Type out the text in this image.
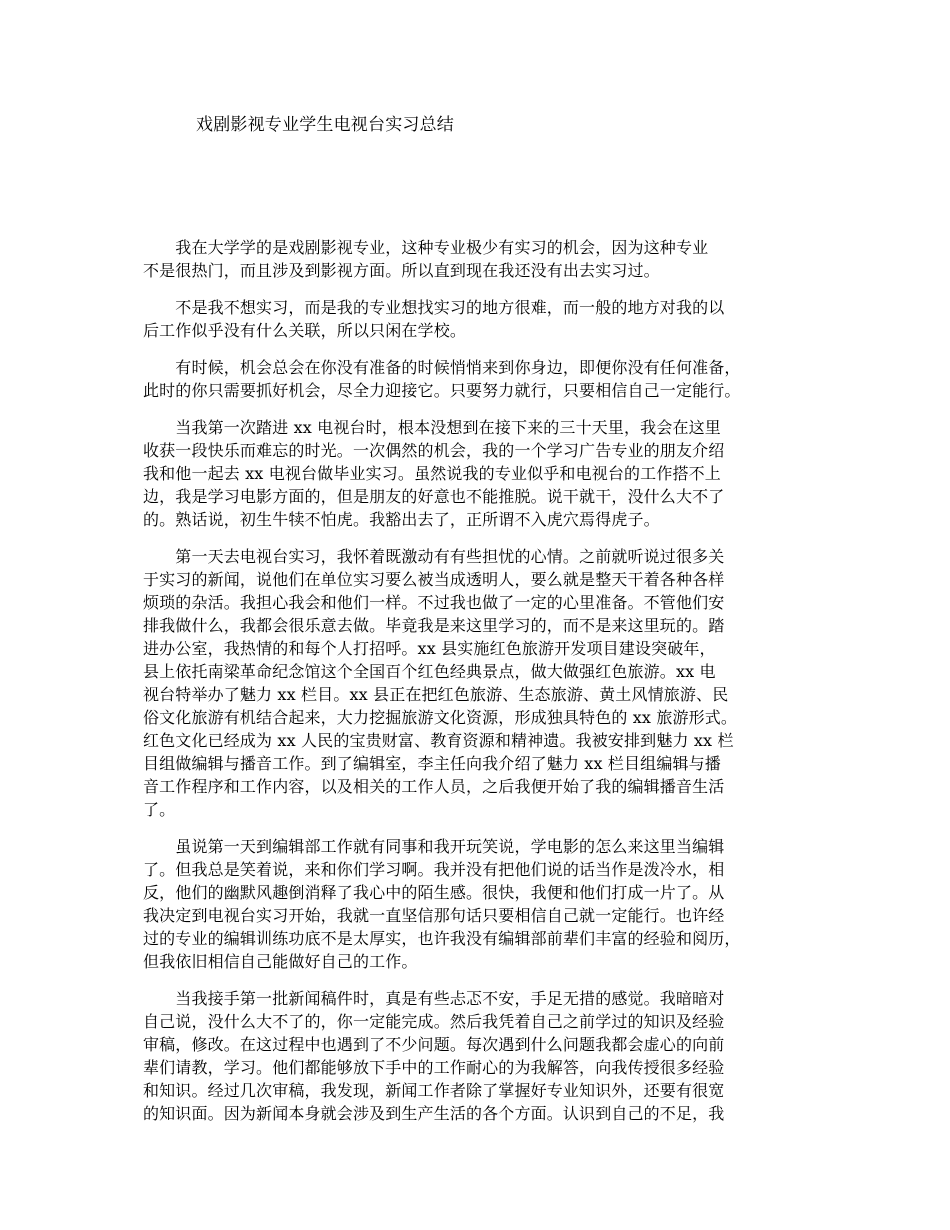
戏剧影视专业学生电视台实习总结
　　我在大学学的是戏剧影视专业，这种专业极少有实习的机会，因为这种专业
不是很热门，而且涉及到影视方面。所以直到现在我还没有出去实习过。
　　不是我不想实习，而是我的专业想找实习的地方很难，而一般的地方对我的以
后工作似乎没有什么关联，所以只闲在学校。
　　有时候，机会总会在你没有准备的时候悄悄来到你身边，即便你没有任何准备，
此时的你只需要抓好机会，尽全力迎接它。只要努力就行，只要相信自己一定能行。
　　当我第一次踏进 xx 电视台时，根本没想到在接下来的三十天里，我会在这里
收获一段快乐而难忘的时光。一次偶然的机会，我的一个学习广告专业的朋友介绍
我和他一起去 xx 电视台做毕业实习。虽然说我的专业似乎和电视台的工作搭不上
边，我是学习电影方面的，但是朋友的好意也不能推脱。说干就干，没什么大不了
的。熟话说，初生牛犊不怕虎。我豁出去了，正所谓不入虎穴焉得虎子。
　　第一天去电视台实习，我怀着既激动有有些担忧的心情。之前就听说过很多关
于实习的新闻，说他们在单位实习要么被当成透明人，要么就是整天干着各种各样
烦琐的杂活。我担心我会和他们一样。不过我也做了一定的心里准备。不管他们安
排我做什么，我都会很乐意去做。毕竟我是来这里学习的，而不是来这里玩的。踏
进办公室，我热情的和每个人打招呼。xx 县实施红色旅游开发项目建设突破年，
县上依托南梁革命纪念馆这个全国百个红色经典景点，做大做强红色旅游。xx 电
视台特举办了魅力 xx 栏目。xx 县正在把红色旅游、生态旅游、黄土风情旅游、民
俗文化旅游有机结合起来，大力挖掘旅游文化资源，形成独具特色的 xx 旅游形式。
红色文化已经成为 xx 人民的宝贵财富、教育资源和精神遗。我被安排到魅力 xx 栏
目组做编辑与播音工作。到了编辑室，李主任向我介绍了魅力 xx 栏目组编辑与播
音工作程序和工作内容，以及相关的工作人员，之后我便开始了我的编辑播音生活
了。
　　虽说第一天到编辑部工作就有同事和我开玩笑说，学电影的怎么来这里当编辑
了。但我总是笑着说，来和你们学习啊。我并没有把他们说的话当作是泼冷水，相
反，他们的幽默风趣倒消释了我心中的陌生感。很快，我便和他们打成一片了。从
我决定到电视台实习开始，我就一直坚信那句话只要相信自己就一定能行。也许经
过的专业的编辑训练功底不是太厚实，也许我没有编辑部前辈们丰富的经验和阅历，
但我依旧相信自己能做好自己的工作。
　　当我接手第一批新闻稿件时，真是有些忐忑不安，手足无措的感觉。我暗暗对
自己说，没什么大不了的，你一定能完成。然后我凭着自己之前学过的知识及经验
审稿，修改。在这过程中也遇到了不少问题。每次遇到什么问题我都会虚心的向前
辈们请教，学习。他们都能够放下手中的工作耐心的为我解答，向我传授很多经验
和知识。经过几次审稿，我发现，新闻工作者除了掌握好专业知识外，还要有很宽
的知识面。因为新闻本身就会涉及到生产生活的各个方面。认识到自己的不足，我
